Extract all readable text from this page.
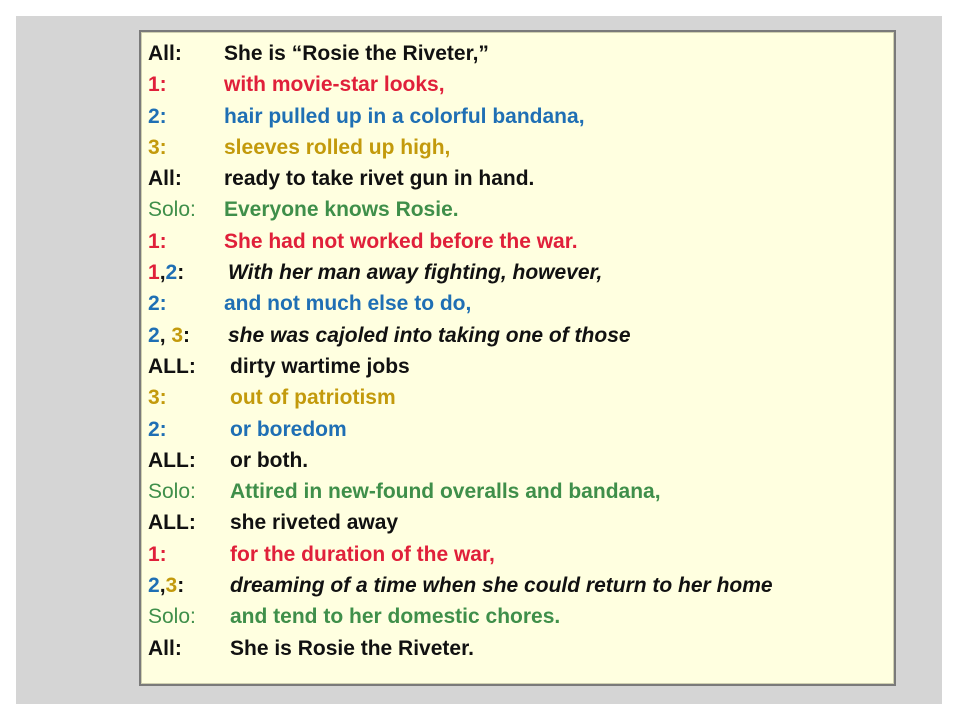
All: She is “Rosie the Riveter,”
1:	with movie-star looks,
2:	hair pulled up in a colorful bandana,
3:	sleeves rolled up high,
All: ready to take rivet gun in hand.
Solo: Everyone knows Rosie.
1:	She had not worked before the war.
1,2: With her man away fighting, however,
2:	and not much else to do,
2, 3: she was cajoled into taking one of those
ALL: dirty wartime jobs
3:	out of patriotism
2:	or boredom
ALL: or both.
Solo: Attired in new-found overalls and bandana,
ALL: she riveted away
1:	for the duration of the war,
2,3: dreaming of a time when she could return to her home
Solo: and tend to her domestic chores.
All: She is Rosie the Riveter.
